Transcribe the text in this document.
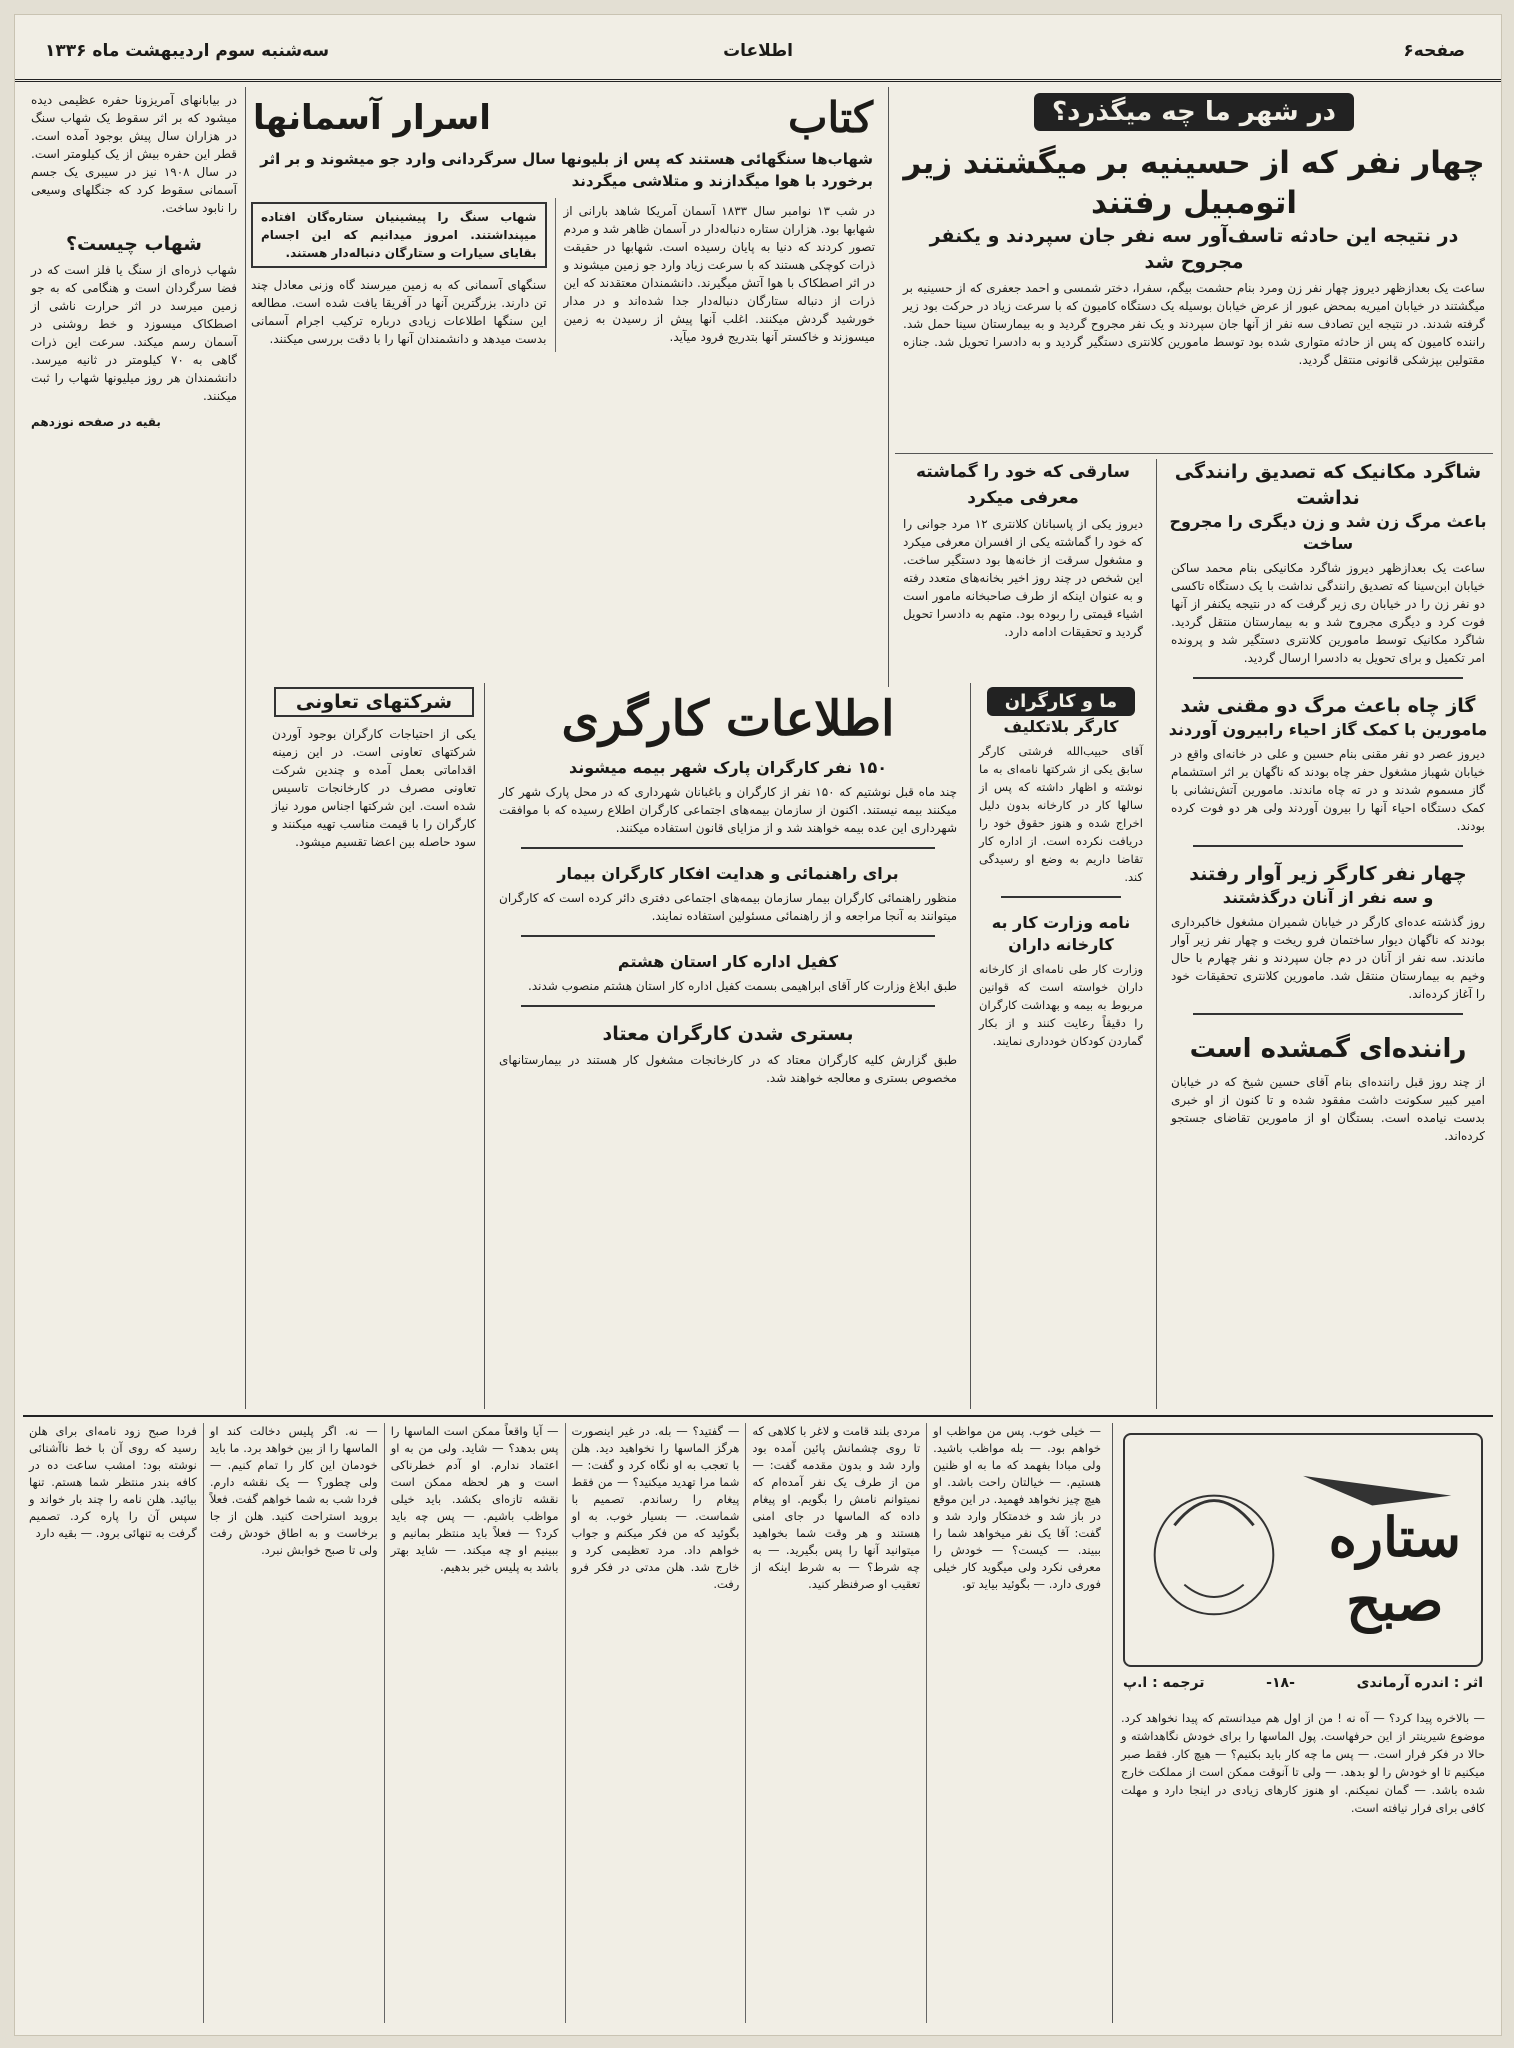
صفحه۶
اطلاعات
سه‌شنبه سوم اردیبهشت ماه ۱۳۳۶
در شهر ما چه میگذرد؟
چهار نفر که از حسینیه بر میگشتند زیر اتومبیل رفتند
در نتیجه این حادثه تاسف‌آور سه نفر جان سپردند و یکنفر مجروح شد
ساعت یک بعدازظهر دیروز چهار نفر زن ومرد بنام حشمت بیگم، سفرا، دختر شمسی و احمد جعفری که از حسینیه بر میگشتند در خیابان امیریه بمحض عبور از عرض خیابان بوسیله یک دستگاه کامیون که با سرعت زیاد در حرکت بود زیر گرفته شدند. در نتیجه این تصادف سه نفر از آنها جان سپردند و یک نفر مجروح گردید و به بیمارستان سینا حمل شد. راننده کامیون که پس از حادثه متواری شده بود توسط مامورین کلانتری دستگیر گردید و به دادسرا تحویل شد. جنازه مقتولین بپزشکی قانونی منتقل گردید.
شاگرد مکانیک که تصدیق رانندگی نداشت
باعث مرگ زن شد و زن دیگری را مجروح ساخت
ساعت یک بعدازظهر دیروز شاگرد مکانیکی بنام محمد ساکن خیابان ابن‌سینا که تصدیق رانندگی نداشت با یک دستگاه تاکسی دو نفر زن را در خیابان ری زیر گرفت که در نتیجه یکنفر از آنها فوت کرد و دیگری مجروح شد و به بیمارستان منتقل گردید. شاگرد مکانیک توسط مامورین کلانتری دستگیر شد و پرونده امر تکمیل و برای تحویل به دادسرا ارسال گردید.
گاز چاه باعث مرگ دو مقنی شد
مامورین با کمک گاز احیاء رابیرون آوردند
دیروز عصر دو نفر مقنی بنام حسین و علی در خانه‌ای واقع در خیابان شهباز مشغول حفر چاه بودند که ناگهان بر اثر استشمام گاز مسموم شدند و در ته چاه ماندند. مامورین آتش‌نشانی با کمک دستگاه احیاء آنها را بیرون آوردند ولی هر دو فوت کرده بودند.
چهار نفر کارگر زیر آوار رفتند
و سه نفر از آنان درگذشتند
روز گذشته عده‌ای کارگر در خیابان شمیران مشغول خاکبرداری بودند که ناگهان دیوار ساختمان فرو ریخت و چهار نفر زیر آوار ماندند. سه نفر از آنان در دم جان سپردند و نفر چهارم با حال وخیم به بیمارستان منتقل شد. مامورین کلانتری تحقیقات خود را آغاز کرده‌اند.
راننده‌ای گمشده است
از چند روز قبل راننده‌ای بنام آقای حسین شیخ که در خیابان امیر کبیر سکونت داشت مفقود شده و تا کنون از او خبری بدست نیامده است. بستگان او از مامورین تقاضای جستجو کرده‌اند.
سارقی که خود را گماشته معرفی میکرد
دیروز یکی از پاسبانان کلانتری ۱۲ مرد جوانی را که خود را گماشته یکی از افسران معرفی میکرد و مشغول سرقت از خانه‌ها بود دستگیر ساخت. این شخص در چند روز اخیر بخانه‌های متعدد رفته و به عنوان اینکه از طرف صاحبخانه مامور است اشیاء قیمتی را ربوده بود. متهم به دادسرا تحویل گردید و تحقیقات ادامه دارد.
ما و کارگران
کارگر بلاتکلیف
آقای حبیب‌الله فرشتی کارگر سابق یکی از شرکتها نامه‌ای به ما نوشته و اظهار داشته که پس از سالها کار در کارخانه بدون دلیل اخراج شده و هنوز حقوق خود را دریافت نکرده است. از اداره کار تقاضا داریم به وضع او رسیدگی کند.
نامه وزارت کار به کارخانه داران
وزارت کار طی نامه‌ای از کارخانه داران خواسته است که قوانین مربوط به بیمه و بهداشت کارگران را دقیقاً رعایت کنند و از بکار گماردن کودکان خودداری نمایند.
اطلاعات کارگری
۱۵۰ نفر کارگران پارک شهر بیمه میشوند
چند ماه قبل نوشتیم که ۱۵۰ نفر از کارگران و باغبانان شهرداری که در محل پارک شهر کار میکنند بیمه نیستند. اکنون از سازمان بیمه‌های اجتماعی کارگران اطلاع رسیده که با موافقت شهرداری این عده بیمه خواهند شد و از مزایای قانون استفاده میکنند.
برای راهنمائی و هدایت افکار کارگران بیمار
منظور راهنمائی کارگران بیمار سازمان بیمه‌های اجتماعی دفتری دائر کرده است که کارگران میتوانند به آنجا مراجعه و از راهنمائی مسئولین استفاده نمایند.
کفیل اداره کار استان هشتم
طبق ابلاغ وزارت کار آقای ابراهیمی بسمت کفیل اداره کار استان هشتم منصوب شدند.
بستری شدن کارگران معتاد
طبق گزارش کلیه کارگران معتاد که در کارخانجات مشغول کار هستند در بیمارستانهای مخصوص بستری و معالجه خواهند شد.
کتاب
اسرار آسمانها
شهاب‌ها سنگهائی هستند که پس از بلیونها سال سرگردانی وارد جو میشوند و بر اثر برخورد با هوا میگدازند و متلاشی میگردند
در شب ۱۳ نوامبر سال ۱۸۳۳ آسمان آمریکا شاهد بارانی از شهابها بود. هزاران ستاره دنباله‌دار در آسمان ظاهر شد و مردم تصور کردند که دنیا به پایان رسیده است. شهابها در حقیقت ذرات کوچکی هستند که با سرعت زیاد وارد جو زمین میشوند و در اثر اصطکاک با هوا آتش میگیرند. دانشمندان معتقدند که این ذرات از دنباله ستارگان دنباله‌دار جدا شده‌اند و در مدار خورشید گردش میکنند. اغلب آنها پیش از رسیدن به زمین میسوزند و خاکستر آنها بتدریج فرود میآید.
شهاب سنگ را پیشینیان ستاره‌گان افتاده میپنداشتند. امروز میدانیم که این اجسام بقایای سیارات و ستارگان دنباله‌دار هستند.
سنگهای آسمانی که به زمین میرسند گاه وزنی معادل چند تن دارند. بزرگترین آنها در آفریقا یافت شده است. مطالعه این سنگها اطلاعات زیادی درباره ترکیب اجرام آسمانی بدست میدهد و دانشمندان آنها را با دقت بررسی میکنند.
شرکتهای تعاونی
یکی از احتیاجات کارگران بوجود آوردن شرکتهای تعاونی است. در این زمینه اقداماتی بعمل آمده و چندین شرکت تعاونی مصرف در کارخانجات تاسیس شده است. این شرکتها اجناس مورد نیاز کارگران را با قیمت مناسب تهیه میکنند و سود حاصله بین اعضا تقسیم میشود.
در بیابانهای آمریزونا حفره عظیمی دیده میشود که بر اثر سقوط یک شهاب سنگ در هزاران سال پیش بوجود آمده است. قطر این حفره بیش از یک کیلومتر است. در سال ۱۹۰۸ نیز در سیبری یک جسم آسمانی سقوط کرد که جنگلهای وسیعی را نابود ساخت.
شهاب چیست؟
شهاب ذره‌ای از سنگ یا فلز است که در فضا سرگردان است و هنگامی که به جو زمین میرسد در اثر حرارت ناشی از اصطکاک میسوزد و خط روشنی در آسمان رسم میکند. سرعت این ذرات گاهی به ۷۰ کیلومتر در ثانیه میرسد. دانشمندان هر روز میلیونها شهاب را ثبت میکنند.
بقیه در صفحه نوزدهم
ستاره
صبح
اثر : اندره آرماندی
-۱۸-
ترجمه : ا.پ
— بالاخره پیدا کرد؟ — آه نه ! من از اول هم میدانستم که پیدا نخواهد کرد. موضوع شیرینتر از این حرفهاست. پول الماسها را برای خودش نگاهداشته و حالا در فکر فرار است. — پس ما چه کار باید بکنیم؟ — هیچ کار. فقط صبر میکنیم تا او خودش را لو بدهد. — ولی تا آنوقت ممکن است از مملکت خارج شده باشد. — گمان نمیکنم. او هنوز کارهای زیادی در اینجا دارد و مهلت کافی برای فرار نیافته است.
— خیلی خوب. پس من مواظب او خواهم بود. — بله مواظب باشید. ولی مبادا بفهمد که ما به او ظنین هستیم. — خیالتان راحت باشد. او هیچ چیز نخواهد فهمید. در این موقع در باز شد و خدمتکار وارد شد و گفت: آقا یک نفر میخواهد شما را ببیند. — کیست؟ — خودش را معرفی نکرد ولی میگوید کار خیلی فوری دارد. — بگوئید بیاید تو.
مردی بلند قامت و لاغر با کلاهی که تا روی چشمانش پائین آمده بود وارد شد و بدون مقدمه گفت: — من از طرف یک نفر آمده‌ام که نمیتوانم نامش را بگویم. او پیغام داده که الماسها در جای امنی هستند و هر وقت شما بخواهید میتوانید آنها را پس بگیرید. — به چه شرط؟ — به شرط اینکه از تعقیب او صرفنظر کنید.
— گفتید؟ — بله. در غیر اینصورت هرگز الماسها را نخواهید دید. هلن با تعجب به او نگاه کرد و گفت: — شما مرا تهدید میکنید؟ — من فقط پیغام را رساندم. تصمیم با شماست. — بسیار خوب. به او بگوئید که من فکر میکنم و جواب خواهم داد. مرد تعظیمی کرد و خارج شد. هلن مدتی در فکر فرو رفت.
— آیا واقعاً ممکن است الماسها را پس بدهد؟ — شاید. ولی من به او اعتماد ندارم. او آدم خطرناکی است و هر لحظه ممکن است نقشه تازه‌ای بکشد. باید خیلی مواظب باشیم. — پس چه باید کرد؟ — فعلاً باید منتظر بمانیم و ببینیم او چه میکند. — شاید بهتر باشد به پلیس خبر بدهیم.
— نه. اگر پلیس دخالت کند او الماسها را از بین خواهد برد. ما باید خودمان این کار را تمام کنیم. — ولی چطور؟ — یک نقشه دارم. فردا شب به شما خواهم گفت. فعلاً بروید استراحت کنید. هلن از جا برخاست و به اطاق خودش رفت ولی تا صبح خوابش نبرد.
فردا صبح زود نامه‌ای برای هلن رسید که روی آن با خط ناآشنائی نوشته بود: امشب ساعت ده در کافه بندر منتظر شما هستم. تنها بیائید. هلن نامه را چند بار خواند و سپس آن را پاره کرد. تصمیم گرفت به تنهائی برود. — بقیه دارد
